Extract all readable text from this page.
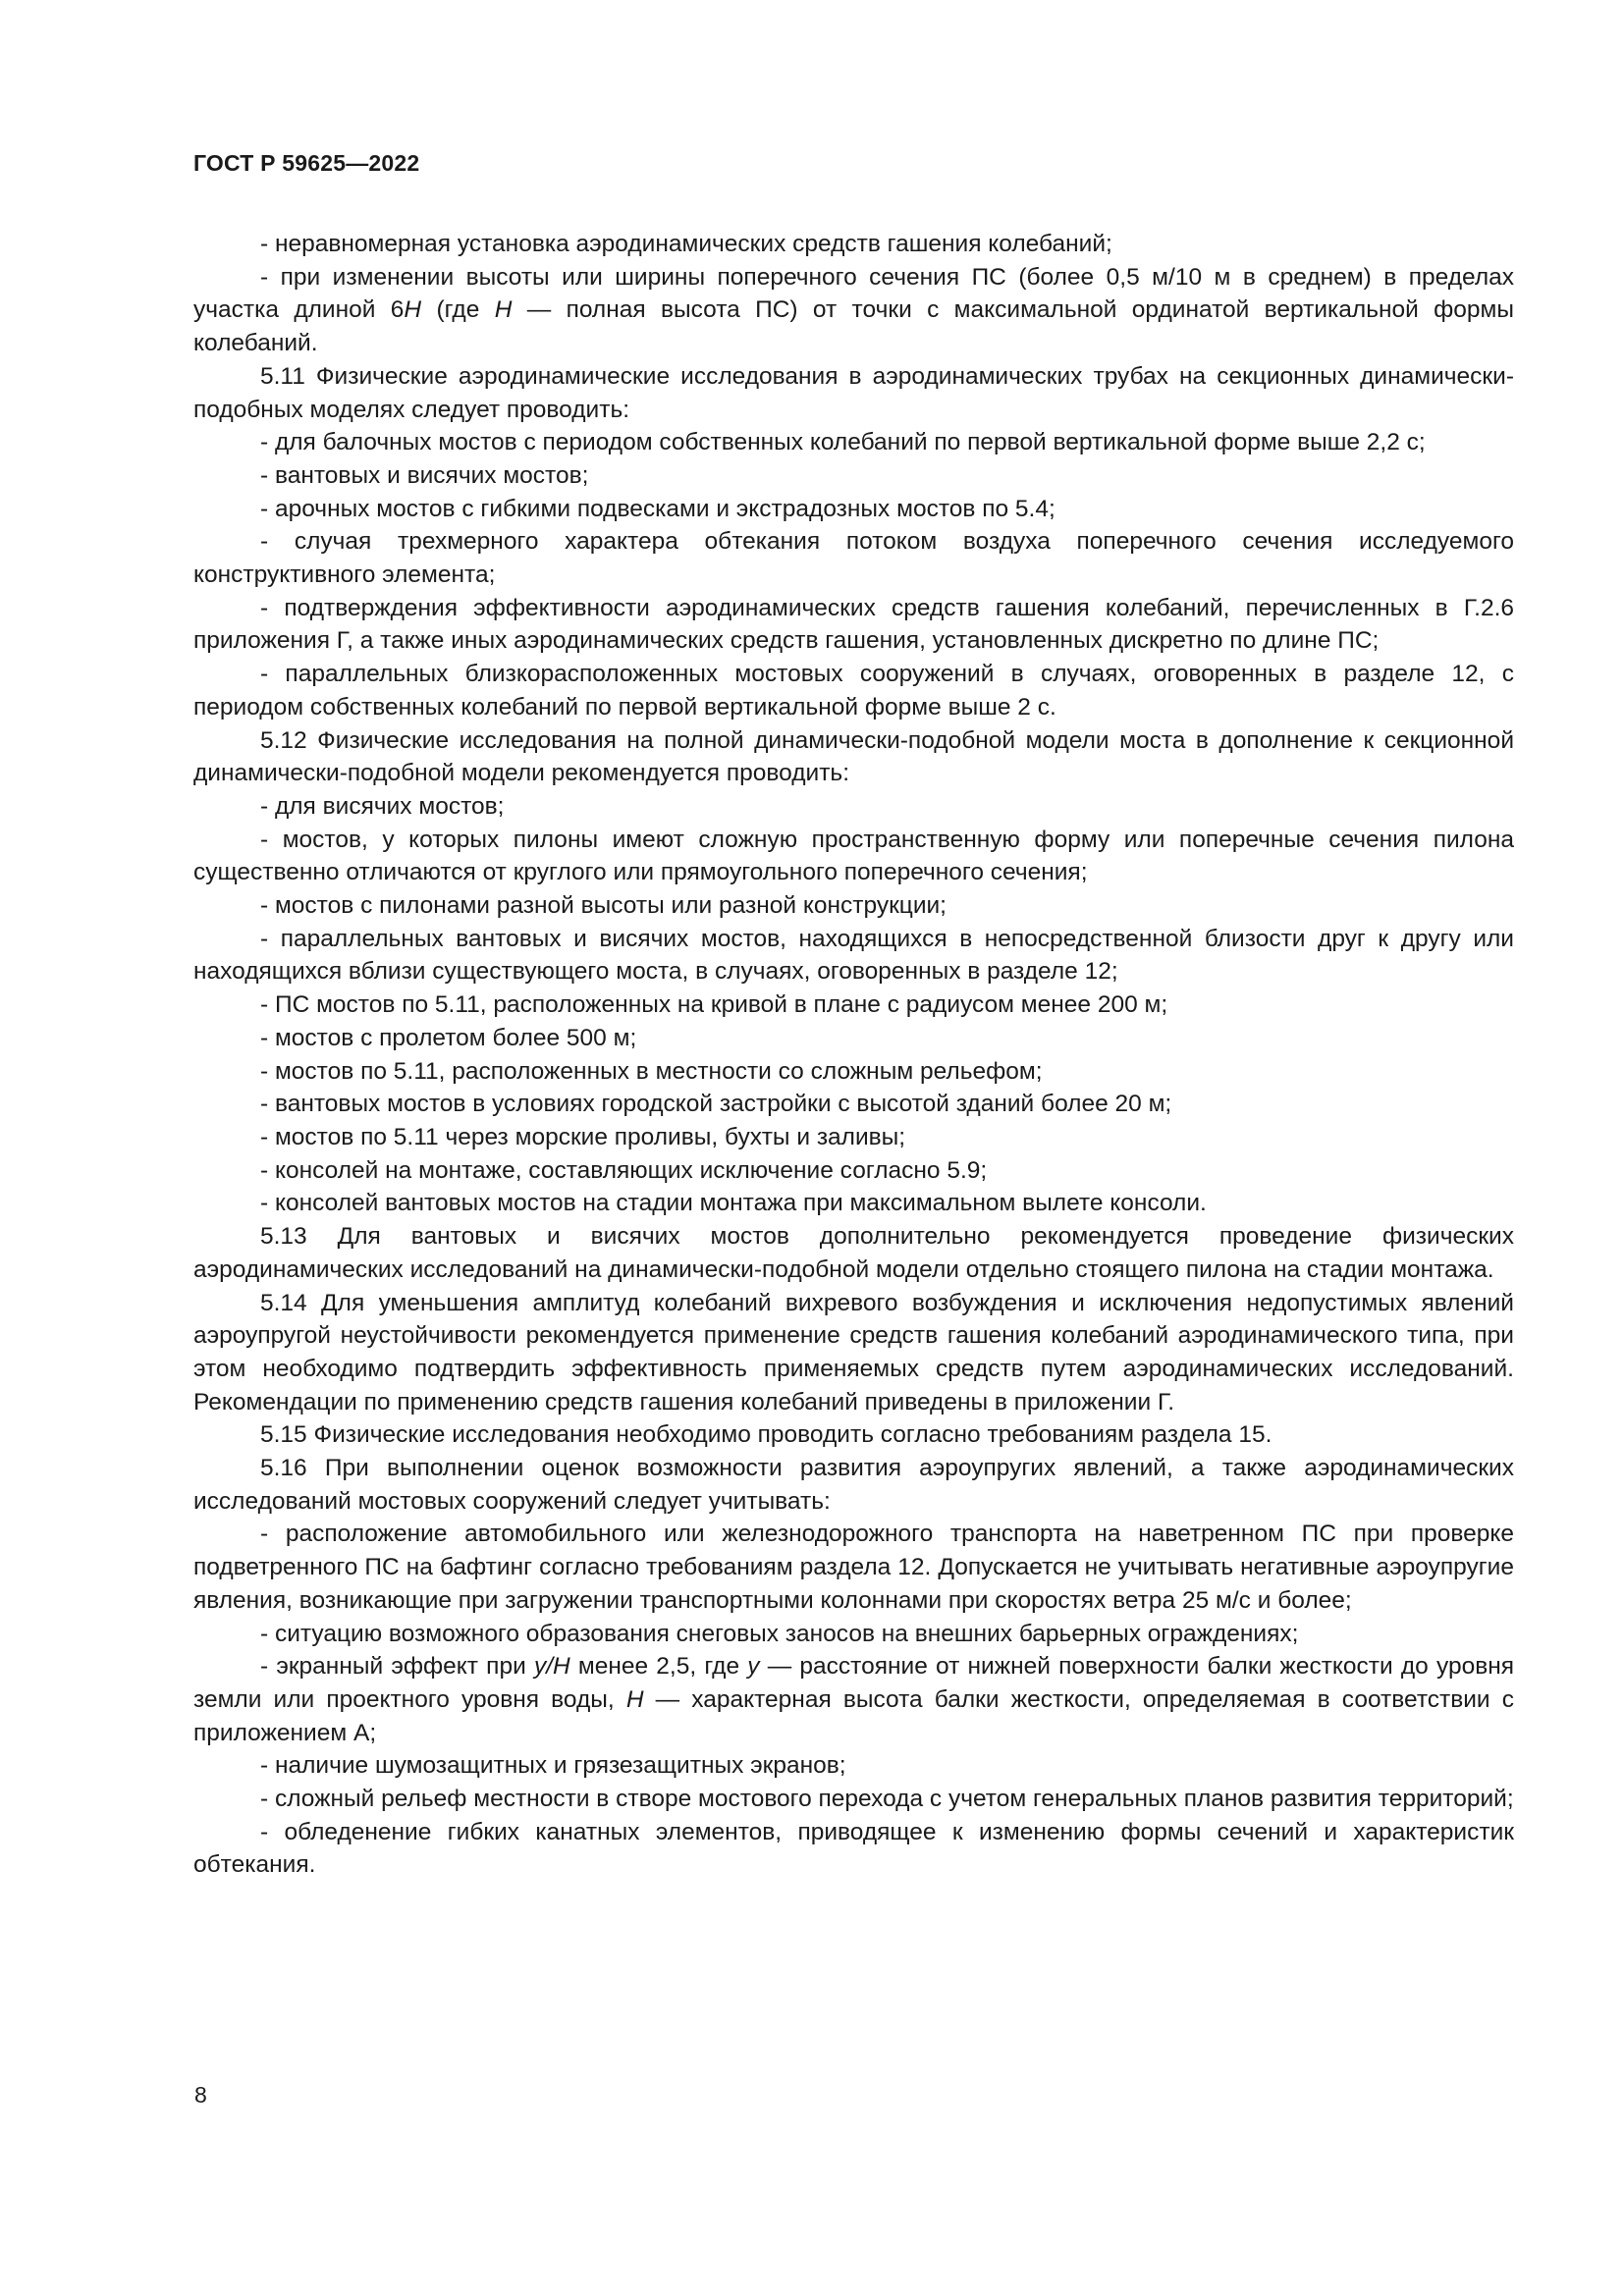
ГОСТ Р 59625—2022

- неравномерная установка аэродинамических средств гашения колебаний;

- при изменении высоты или ширины поперечного сечения ПС (более 0,5 м/10 м в среднем) в пределах участка длиной 6Н (где Н — полная высота ПС) от точки с максимальной ординатой вертикальной формы колебаний.

5.11 Физические аэродинамические исследования в аэродинамических трубах на секционных динамически-подобных моделях следует проводить:

- для балочных мостов с периодом собственных колебаний по первой вертикальной форме выше 2,2 с;

- вантовых и висячих мостов;

- арочных мостов с гибкими подвесками и экстрадозных мостов по 5.4;

- случая трехмерного характера обтекания потоком воздуха поперечного сечения исследуемого конструктивного элемента;

- подтверждения эффективности аэродинамических средств гашения колебаний, перечисленных в Г.2.6 приложения Г, а также иных аэродинамических средств гашения, установленных дискретно по длине ПС;

- параллельных близкорасположенных мостовых сооружений в случаях, оговоренных в разделе 12, с периодом собственных колебаний по первой вертикальной форме выше 2 с.

5.12 Физические исследования на полной динамически-подобной модели моста в дополнение к секционной динамически-подобной модели рекомендуется проводить:

- для висячих мостов;

- мостов, у которых пилоны имеют сложную пространственную форму или поперечные сечения пилона существенно отличаются от круглого или прямоугольного поперечного сечения;

- мостов с пилонами разной высоты или разной конструкции;

- параллельных вантовых и висячих мостов, находящихся в непосредственной близости друг к другу или находящихся вблизи существующего моста, в случаях, оговоренных в разделе 12;

- ПС мостов по 5.11, расположенных на кривой в плане с радиусом менее 200 м;

- мостов с пролетом более 500 м;

- мостов по 5.11, расположенных в местности со сложным рельефом;

- вантовых мостов в условиях городской застройки с высотой зданий более 20 м;

- мостов по 5.11 через морские проливы, бухты и заливы;

- консолей на монтаже, составляющих исключение согласно 5.9;

- консолей вантовых мостов на стадии монтажа при максимальном вылете консоли.

5.13 Для вантовых и висячих мостов дополнительно рекомендуется проведение физических аэродинамических исследований на динамически-подобной модели отдельно стоящего пилона на стадии монтажа.

5.14 Для уменьшения амплитуд колебаний вихревого возбуждения и исключения недопустимых явлений аэроупругой неустойчивости рекомендуется применение средств гашения колебаний аэродинамического типа, при этом необходимо подтвердить эффективность применяемых средств путем аэродинамических исследований. Рекомендации по применению средств гашения колебаний приведены в приложении Г.

5.15 Физические исследования необходимо проводить согласно требованиям раздела 15.

5.16 При выполнении оценок возможности развития аэроупругих явлений, а также аэродинамических исследований мостовых сооружений следует учитывать:

- расположение автомобильного или железнодорожного транспорта на наветренном ПС при проверке подветренного ПС на бафтинг согласно требованиям раздела 12. Допускается не учитывать негативные аэроупругие явления, возникающие при загружении транспортными колоннами при скоростях ветра 25 м/с и более;

- ситуацию возможного образования снеговых заносов на внешних барьерных ограждениях;

- экранный эффект при у/Н менее 2,5, где у — расстояние от нижней поверхности балки жесткости до уровня земли или проектного уровня воды, Н — характерная высота балки жесткости, определяемая в соответствии с приложением А;

- наличие шумозащитных и грязезащитных экранов;

- сложный рельеф местности в створе мостового перехода с учетом генеральных планов развития территорий;

- обледенение гибких канатных элементов, приводящее к изменению формы сечений и характеристик обтекания.

8
